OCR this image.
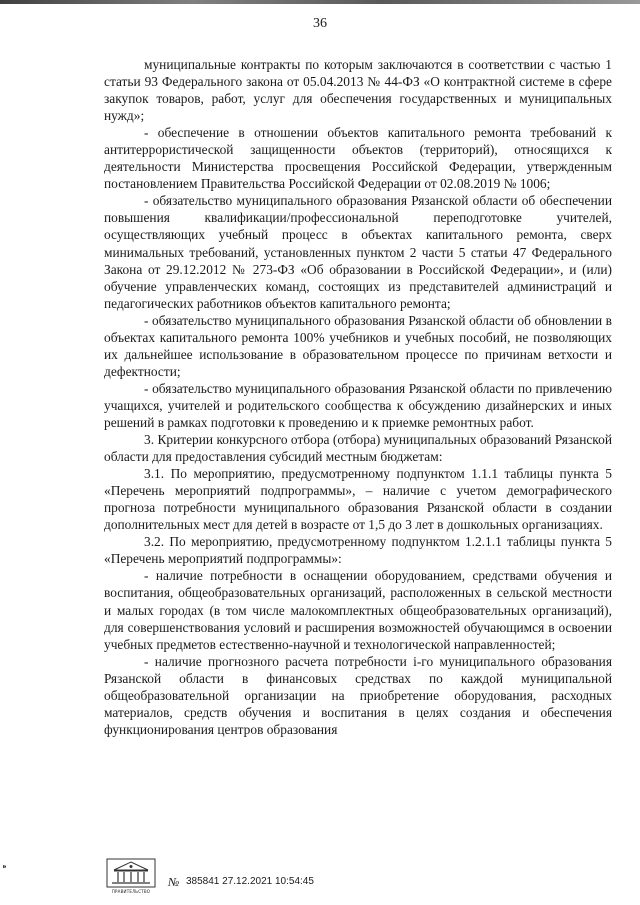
36

муниципальные контракты по которым заключаются в соответствии с частью 1 статьи 93 Федерального закона от 05.04.2013 № 44-ФЗ «О контрактной системе в сфере закупок товаров, работ, услуг для обеспечения государственных и муниципальных нужд»;

- обеспечение в отношении объектов капитального ремонта требований к антитеррористической защищенности объектов (территорий), относящихся к деятельности Министерства просвещения Российской Федерации, утвержденным постановлением Правительства Российской Федерации от 02.08.2019 № 1006;

- обязательство муниципального образования Рязанской области об обеспечении повышения квалификации/профессиональной переподготовке учителей, осуществляющих учебный процесс в объектах капитального ремонта, сверх минимальных требований, установленных пунктом 2 части 5 статьи 47 Федерального Закона от 29.12.2012 № 273-ФЗ «Об образовании в Российской Федерации», и (или) обучение управленческих команд, состоящих из представителей администраций и педагогических работников объектов капитального ремонта;

- обязательство муниципального образования Рязанской области об обновлении в объектах капитального ремонта 100% учебников и учебных пособий, не позволяющих их дальнейшее использование в образовательном процессе по причинам ветхости и дефектности;

- обязательство муниципального образования Рязанской области по привлечению учащихся, учителей и родительского сообщества к обсуждению дизайнерских и иных решений в рамках подготовки к проведению и к приемке ремонтных работ.

3. Критерии конкурсного отбора (отбора) муниципальных образований Рязанской области для предоставления субсидий местным бюджетам:

3.1. По мероприятию, предусмотренному подпунктом 1.1.1 таблицы пункта 5 «Перечень мероприятий подпрограммы», – наличие с учетом демографического прогноза потребности муниципального образования Рязанской области в создании дополнительных мест для детей в возрасте от 1,5 до 3 лет в дошкольных организациях.

3.2. По мероприятию, предусмотренному подпунктом 1.2.1.1 таблицы пункта 5 «Перечень мероприятий подпрограммы»:

- наличие потребности в оснащении оборудованием, средствами обучения и воспитания, общеобразовательных организаций, расположенных в сельской местности и малых городах (в том числе малокомплектных общеобразовательных организаций), для совершенствования условий и расширения возможностей обучающимся в освоении учебных предметов естественно-научной и технологической направленностей;

- наличие прогнозного расчета потребности i-го муниципального образования Рязанской области в финансовых средствах по каждой муниципальной общеобразовательной организации на приобретение оборудования, расходных материалов, средств обучения и воспитания в целях создания и обеспечения функционирования центров образования

ПРАВИТЕЛЬСТВО
№ 385841 27.12.2021 10:54:45
⁍
